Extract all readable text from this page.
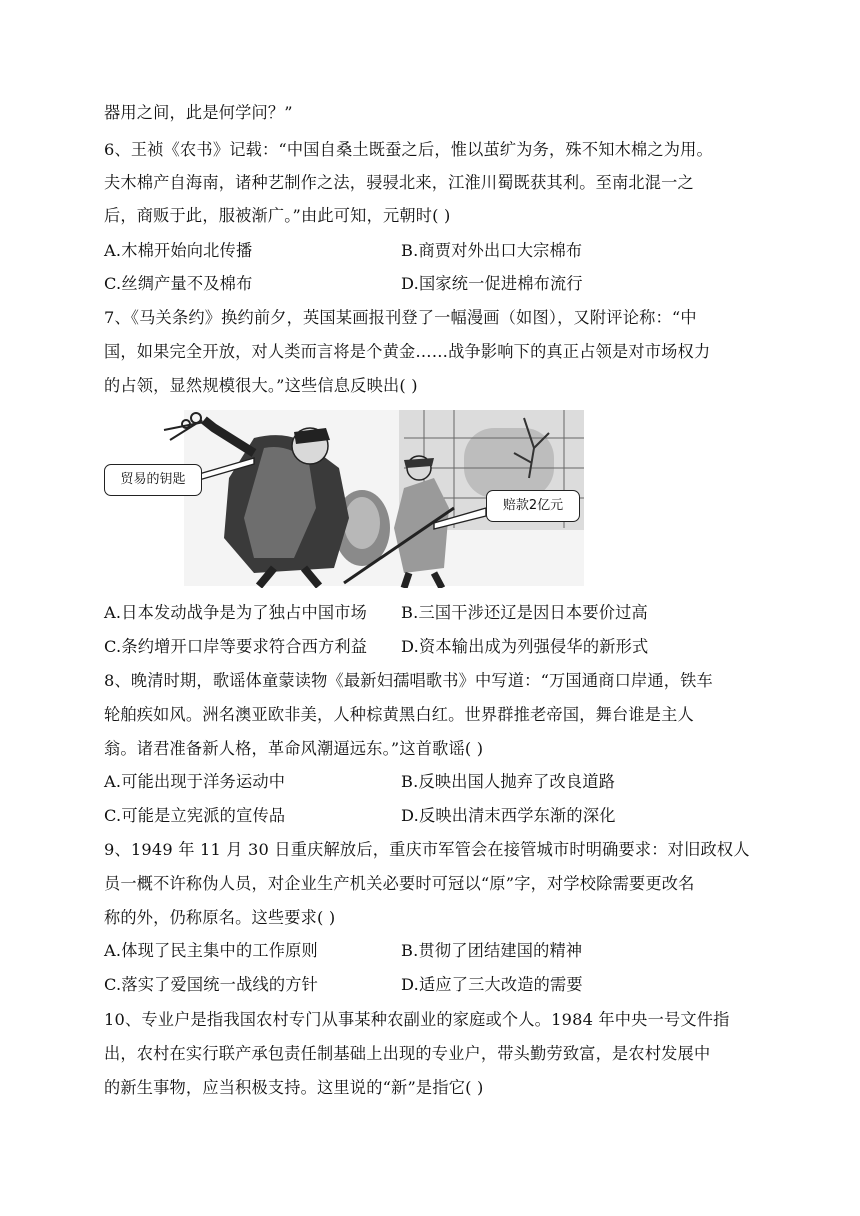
器用之间，此是何学问？”
6、王祯《农书》记载：“中国自桑土既蚕之后，惟以茧纩为务，殊不知木棉之为用。
夫木棉产自海南，诸种艺制作之法，骎骎北来，江淮川蜀既获其利。至南北混一之
后，商贩于此，服被渐广。”由此可知，元朝时( )
A.木棉开始向北传播	B.商贾对外出口大宗棉布
C.丝绸产量不及棉布	D.国家统一促进棉布流行
7、《马关条约》换约前夕，英国某画报刊登了一幅漫画（如图），又附评论称：“中
国，如果完全开放，对人类而言将是个黄金……战争影响下的真正占领是对市场权力
的占领，显然规模很大。”这些信息反映出( )
贸易的钥匙
赔款2亿元
A.日本发动战争是为了独占中国市场 B.三国干涉还辽是因日本要价过高
C.条约增开口岸等要求符合西方利益 D.资本输出成为列强侵华的新形式
8、晚清时期，歌谣体童蒙读物《最新妇孺唱歌书》中写道：“万国通商口岸通，铁车
轮舶疾如风。洲名澳亚欧非美，人种棕黄黑白红。世界群推老帝国，舞台谁是主人
翁。诸君准备新人格，革命风潮逼远东。”这首歌谣( )
A.可能出现于洋务运动中	B.反映出国人抛弃了改良道路
C.可能是立宪派的宣传品	D.反映出清末西学东渐的深化
9、1949 年 11 月 30 日重庆解放后，重庆市军管会在接管城市时明确要求：对旧政权人
员一概不许称伪人员，对企业生产机关必要时可冠以“原”字，对学校除需要更改名
称的外，仍称原名。这些要求( )
A.体现了民主集中的工作原则	B.贯彻了团结建国的精神
C.落实了爱国统一战线的方针	D.适应了三大改造的需要
10、专业户是指我国农村专门从事某种农副业的家庭或个人。1984 年中央一号文件指
出，农村在实行联产承包责任制基础上出现的专业户，带头勤劳致富，是农村发展中
的新生事物，应当积极支持。这里说的“新”是指它( )
